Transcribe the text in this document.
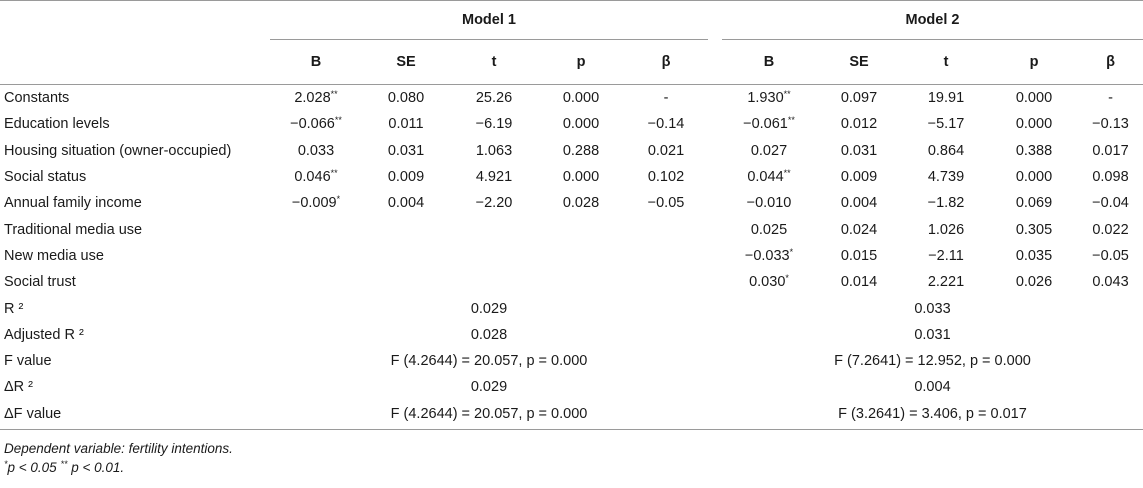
	Model 1						Model 2				
	B	SE	t	p	β		B	SE	t	p	β
Constants	2.028**	0.080	25.26	0.000	-		1.930**	0.097	19.91	0.000	-
Education levels	−0.066**	0.011	−6.19	0.000	−0.14		−0.061**	0.012	−5.17	0.000	−0.13
Housing situation (owner-occupied)	0.033	0.031	1.063	0.288	0.021		0.027	0.031	0.864	0.388	0.017
Social status	0.046**	0.009	4.921	0.000	0.102		0.044**	0.009	4.739	0.000	0.098
Annual family income	−0.009*	0.004	−2.20	0.028	−0.05		−0.010	0.004	−1.82	0.069	−0.04
Traditional media use							0.025	0.024	1.026	0.305	0.022
New media use							−0.033*	0.015	−2.11	0.035	−0.05
Social trust							0.030*	0.014	2.221	0.026	0.043
R ²	0.029						0.033				
Adjusted R ²	0.028						0.031				
F value	F (4.2644) = 20.057, p = 0.000						F (7.2641) = 12.952, p = 0.000				
ΔR ²	0.029						0.004				
ΔF value	F (4.2644) = 20.057, p = 0.000						F (3.2641) = 3.406, p = 0.017				
Dependent variable: fertility intentions.
*p < 0.05 ** p < 0.01.
